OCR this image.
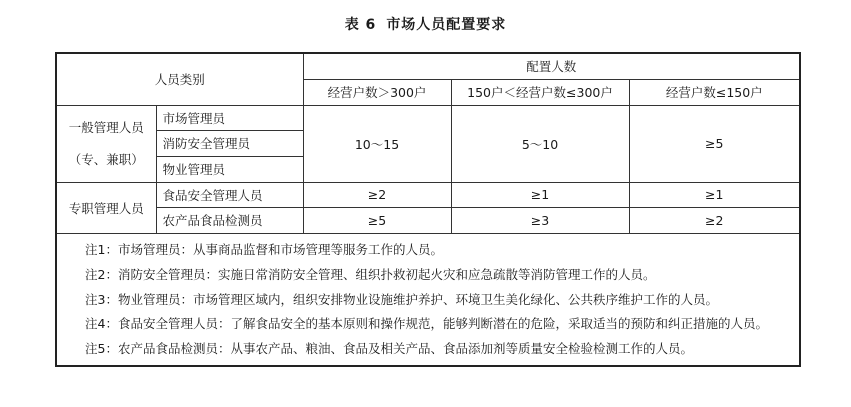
表 6 市场人员配置要求
人员类别		配置人数		
		经营户数＞300户	150户＜经营户数≤300户	经营户数≤150户

一般管理人员
（专、兼职）	市场管理员	10～15	5～10	≥5
	消防安全管理员			
	物业管理员			
专职管理人员	食品安全管理人员	≥2	≥1	≥1
	农产品食品检测员	≥5	≥3	≥2

注1：市场管理员：从事商品监督和市场管理等服务工作的人员。
注2：消防安全管理员：实施日常消防安全管理、组织扑救初起火灾和应急疏散等消防管理工作的人员。
注3：物业管理员：市场管理区域内，组织安排物业设施维护养护、环境卫生美化绿化、公共秩序维护工作的人员。
注4：食品安全管理人员：了解食品安全的基本原则和操作规范，能够判断潜在的危险，采取适当的预防和纠正措施的人员。
注5：农产品食品检测员：从事农产品、粮油、食品及相关产品、食品添加剂等质量安全检验检测工作的人员。				
